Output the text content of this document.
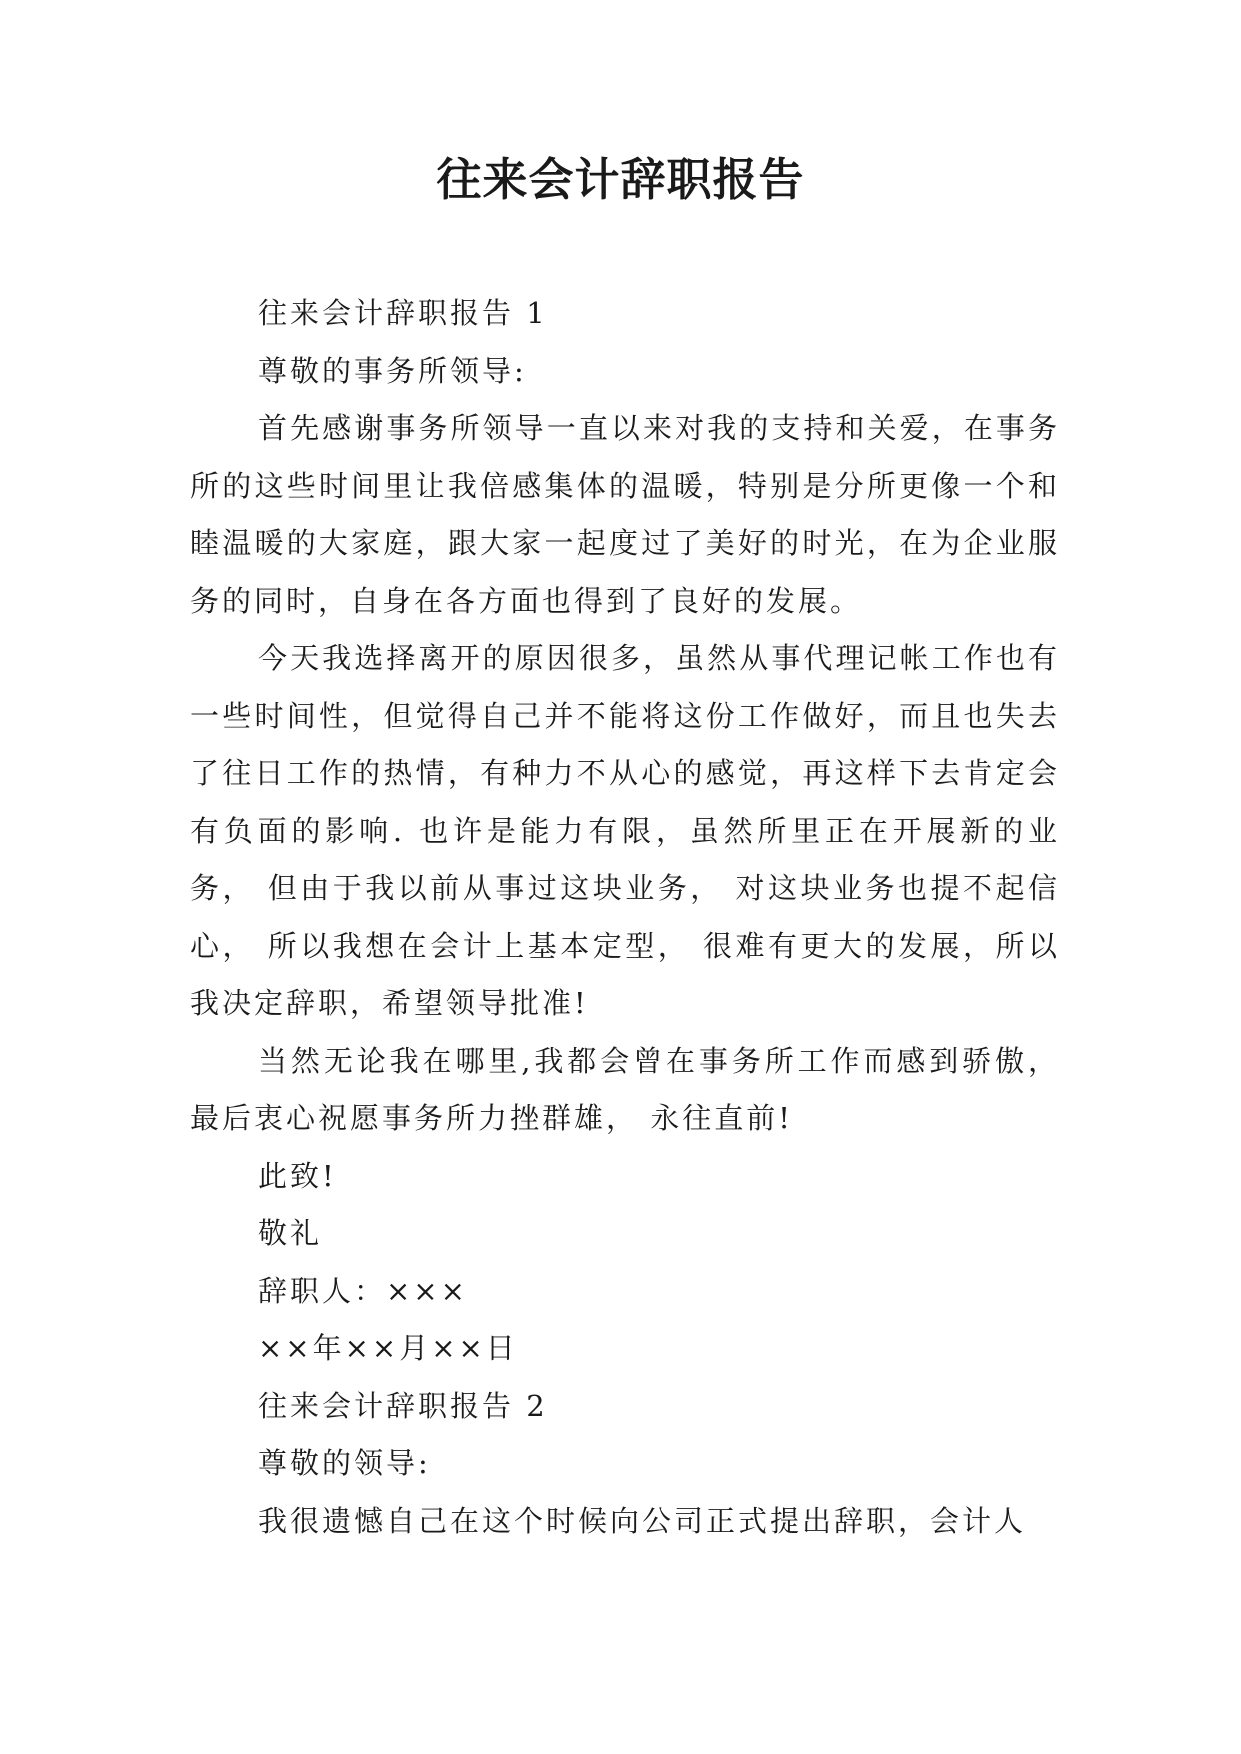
往来会计辞职报告

往来会计辞职报告 1

尊敬的事务所领导:

首先感谢事务所领导一直以来对我的支持和关爱，在事务所的这些时间里让我倍感集体的温暖，特别是分所更像一个和睦温暖的大家庭，跟大家一起度过了美好的时光，在为企业服务的同时，自身在各方面也得到了良好的发展。

今天我选择离开的原因很多，虽然从事代理记帐工作也有一些时间性，但觉得自己并不能将这份工作做好，而且也失去了往日工作的热情，有种力不从心的感觉，再这样下去肯定会有负面的影响. 也许是能力有限，虽然所里正在开展新的业务， 但由于我以前从事过这块业务， 对这块业务也提不起信心， 所以我想在会计上基本定型， 很难有更大的发展，所以我决定辞职，希望领导批准!

当然无论我在哪里,我都会曾在事务所工作而感到骄傲，最后衷心祝愿事务所力挫群雄， 永往直前!

此致!

敬礼

辞职人：×××

××年××月××日

往来会计辞职报告 2

尊敬的领导:

我很遗憾自己在这个时候向公司正式提出辞职，会计人
